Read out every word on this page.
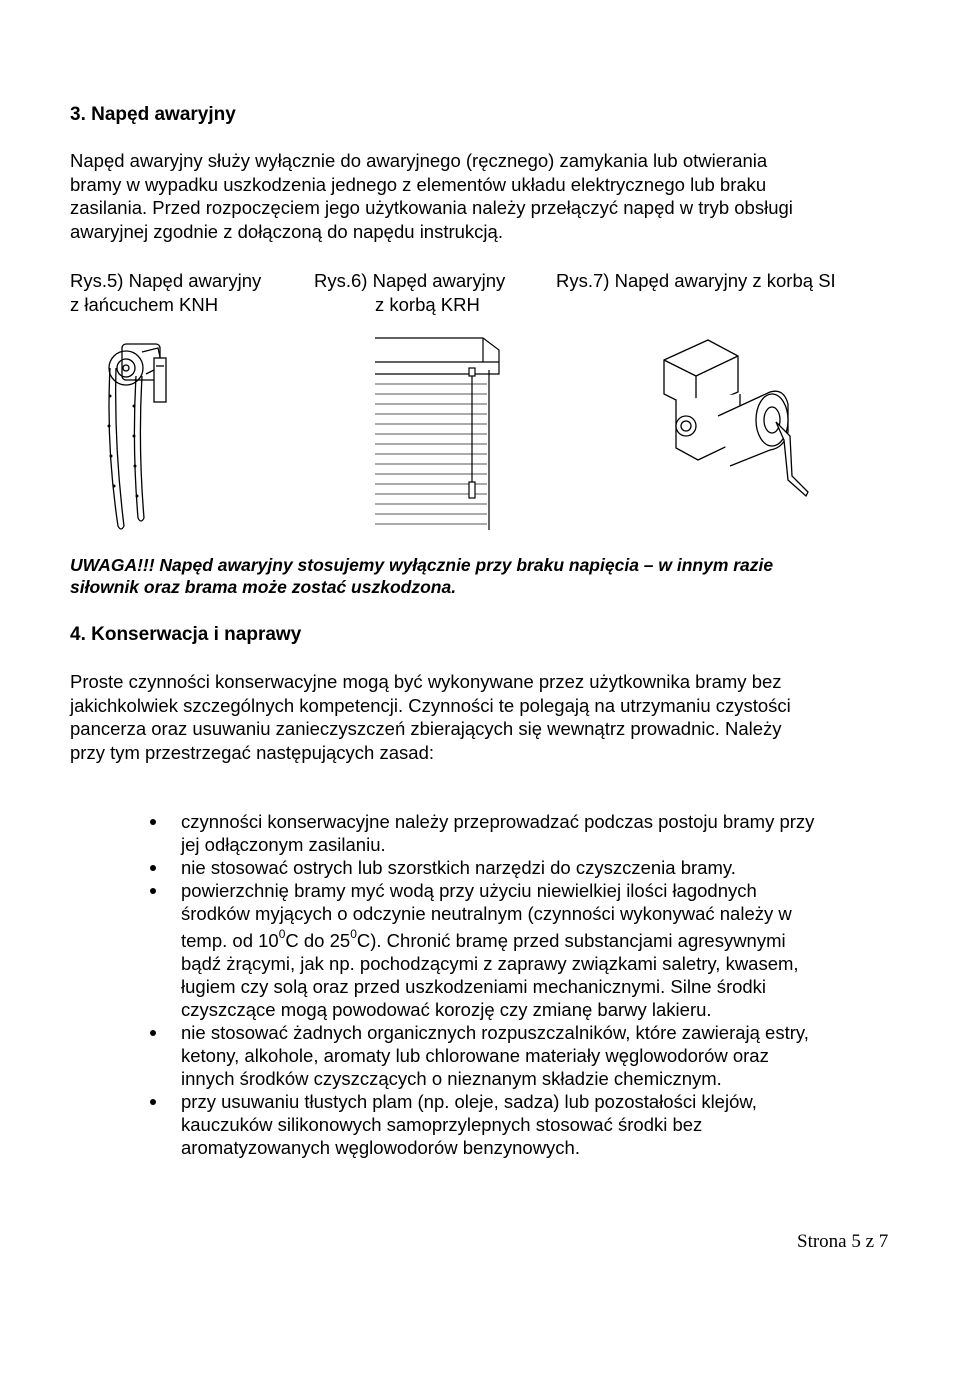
3. Napęd awaryjny
Napęd awaryjny służy wyłącznie do awaryjnego (ręcznego) zamykania lub otwierania
bramy w wypadku uszkodzenia jednego z elementów układu elektrycznego lub braku
zasilania. Przed rozpoczęciem jego użytkowania należy przełączyć napęd w tryb obsługi
awaryjnej zgodnie z dołączoną do napędu instrukcją.
Rys.5) Napęd awaryjny
z łańcuchem KNH
Rys.6) Napęd awaryjny
z korbą KRH
Rys.7) Napęd awaryjny z korbą SI
UWAGA!!! Napęd awaryjny stosujemy wyłącznie przy braku napięcia – w innym razie
siłownik oraz brama może zostać uszkodzona.
4. Konserwacja i naprawy
Proste czynności konserwacyjne mogą być wykonywane przez użytkownika bramy bez
jakichkolwiek szczególnych kompetencji. Czynności te polegają na utrzymaniu czystości
pancerza oraz usuwaniu zanieczyszczeń zbierających się wewnątrz prowadnic. Należy
przy tym przestrzegać następujących zasad:
czynności konserwacyjne należy przeprowadzać podczas postoju bramy przy
jej odłączonym zasilaniu.
nie stosować ostrych lub szorstkich narzędzi do czyszczenia bramy.
powierzchnię bramy myć wodą przy użyciu niewielkiej ilości łagodnych
środków myjących o odczynie neutralnym (czynności wykonywać należy w
temp. od $10^0C$ do $25^0C$). Chronić bramę przed substancjami agresywnymi
bądź żrącymi, jak np. pochodzącymi z zaprawy związkami saletry, kwasem,
ługiem czy solą oraz przed uszkodzeniami mechanicznymi. Silne środki
czyszczące mogą powodować korozję czy zmianę barwy lakieru.
nie stosować żadnych organicznych rozpuszczalników, które zawierają estry,
ketony, alkohole, aromaty lub chlorowane materiały węglowodorów oraz
innych środków czyszczących o nieznanym składzie chemicznym.
przy usuwaniu tłustych plam (np. oleje, sadza) lub pozostałości klejów,
kauczuków silikonowych samoprzylepnych stosować środki bez
aromatyzowanych węglowodorów benzynowych.
Strona 5 z 7
